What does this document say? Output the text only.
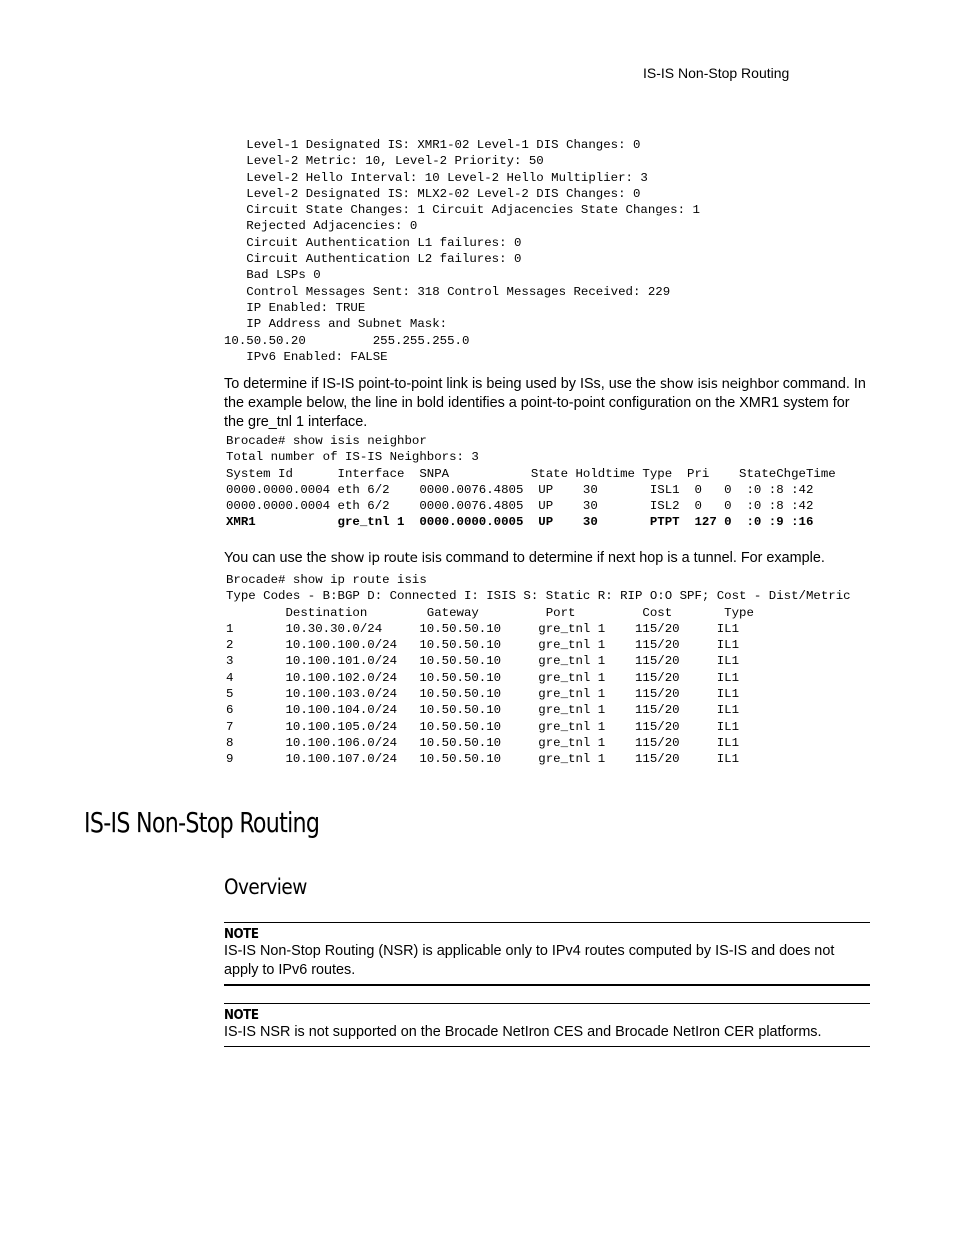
IS-IS Non-Stop Routing
Level-1 Designated IS: XMR1-02 Level-1 DIS Changes: 0
Level-2 Metric: 10, Level-2 Priority: 50
Level-2 Hello Interval: 10 Level-2 Hello Multiplier: 3
Level-2 Designated IS: MLX2-02 Level-2 DIS Changes: 0
Circuit State Changes: 1 Circuit Adjacencies State Changes: 1
Rejected Adjacencies: 0
Circuit Authentication L1 failures: 0
Circuit Authentication L2 failures: 0
Bad LSPs 0
Control Messages Sent: 318 Control Messages Received: 229
IP Enabled: TRUE
IP Address and Subnet Mask:
10.50.50.20         255.255.255.0
IPv6 Enabled: FALSE

To determine if IS-IS point-to-point link is being used by ISs, use the show isis neighbor command. In the example below, the line in bold identifies a point-to-point configuration on the XMR1 system for the gre_tnl 1 interface.

Brocade# show isis neighbor
Total number of IS-IS Neighbors: 3
System Id      Interface  SNPA           State Holdtime Type  Pri    StateChgeTime
0000.0000.0004 eth 6/2    0000.0076.4805  UP    30       ISL1  0   0  :0 :8 :42
0000.0000.0004 eth 6/2    0000.0076.4805  UP    30       ISL2  0   0  :0 :8 :42
XMR1           gre_tnl 1  0000.0000.0005  UP    30       PTPT  127 0  :0 :9 :16

You can use the show ip route isis command to determine if next hop is a tunnel. For example.

Brocade# show ip route isis
Type Codes - B:BGP D: Connected I: ISIS S: Static R: RIP O:O SPF; Cost - Dist/Metric
Destination        Gateway         Port         Cost       Type
1       10.30.30.0/24     10.50.50.10     gre_tnl 1    115/20     IL1
2       10.100.100.0/24   10.50.50.10     gre_tnl 1    115/20     IL1
3       10.100.101.0/24   10.50.50.10     gre_tnl 1    115/20     IL1
4       10.100.102.0/24   10.50.50.10     gre_tnl 1    115/20     IL1
5       10.100.103.0/24   10.50.50.10     gre_tnl 1    115/20     IL1
6       10.100.104.0/24   10.50.50.10     gre_tnl 1    115/20     IL1
7       10.100.105.0/24   10.50.50.10     gre_tnl 1    115/20     IL1
8       10.100.106.0/24   10.50.50.10     gre_tnl 1    115/20     IL1
9       10.100.107.0/24   10.50.50.10     gre_tnl 1    115/20     IL1
IS-IS Non-Stop Routing
Overview
NOTE

IS-IS Non-Stop Routing (NSR) is applicable only to IPv4 routes computed by IS-IS and does not apply to IPv6 routes.

NOTE

IS-IS NSR is not supported on the Brocade NetIron CES and Brocade NetIron CER platforms.
